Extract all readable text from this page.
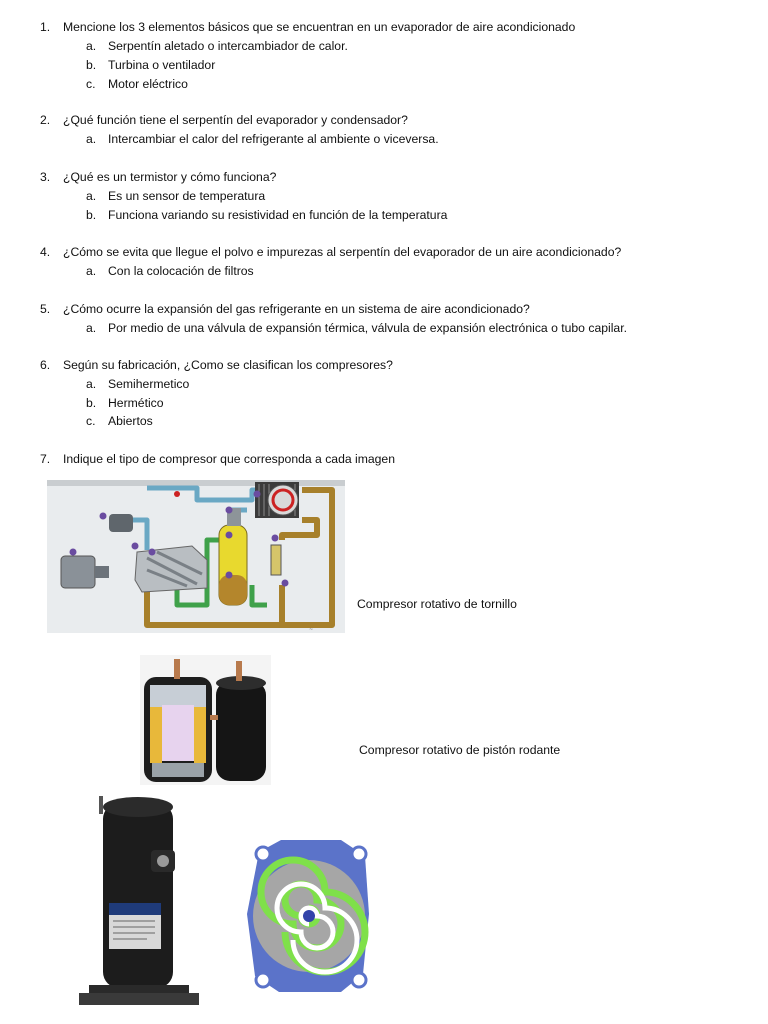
1. Mencione los 3 elementos básicos que se encuentran en un evaporador de aire acondicionado
a. Serpentín aletado o intercambiador de calor.
b. Turbina o ventilador
c. Motor eléctrico
2. ¿Qué función tiene el serpentín del evaporador y condensador?
a. Intercambiar el calor del refrigerante al ambiente o viceversa.
3. ¿Qué es un termistor y cómo funciona?
a. Es un sensor de temperatura
b. Funciona variando su resistividad en función de la temperatura
4. ¿Cómo se evita que llegue el polvo e impurezas al serpentín del evaporador de un aire acondicionado?
a. Con la colocación de filtros
5. ¿Cómo ocurre la expansión del gas refrigerante en un sistema de aire acondicionado?
a. Por medio de una válvula de expansión térmica, válvula de expansión electrónica o tubo capilar.
6. Según su fabricación, ¿Como se clasifican los compresores?
a. Semihermetico
b. Hermético
c. Abiertos
7. Indique el tipo de compresor que corresponda a cada imagen
~
Compresor rotativo de tornillo
Compresor rotativo de pistón rodante
